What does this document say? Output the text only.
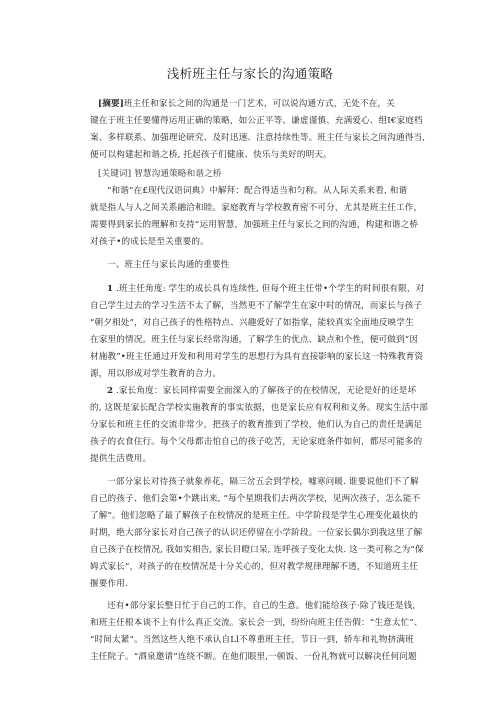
浅析班主任与家长的沟通策略
[摘要]班主任和家长之间的沟通是一门艺术，可以说沟通方式，无处不在，关
键在于班主任要懂得运用正确的策略，如公正平等、谦虚谨慎、充满爱心、组I€家庭档
案、多样联系、加强理论研究、及时迅速、注意持续性等。班主任与家长之间沟通得当,
便可以构建起和谐之桥, 托起孩子们健康、快乐与美好的明天。
[关键词] 智慧沟通策略和谐之桥
“和谐”在£现代汉语词典》中解拜：配合得适当和匀称。从人际关系来看, 和谐
就是指人与人之间关系融洽和睦。家庭教育与学校教育密不可分，尤其是班主任工作，
需要得到家长的理解和支持“运用智慧，加强班主任与家长之间的沟通，构建和谐之桥
对孩子•的成长是至关重要的。
一、班主任与家长沟通的重要性
1 .班主任角度: 学生的成长具有连续性, 但每个班主任带•个学生的时间很有限，对
自己学生过去的学习生活不太了解，当然更不了解学生在家中时的情况，而家长与孩子
“朝夕相处”，对自己孩子的性格特点、兴趣爱好了如指掌，能较真实全面地反映学生
在家里的情况。班主任与家长经常沟通，了解学生的优点、缺点和个性，便可做到“因
材施教”•班主任通过开发和利用对学生的思想行为具有直接影响的家长这一特殊教育资
源，用以形成对学生教育的合力。
2 .家长角度：家长同样需要全面深入的了解孩子的在校情况，无论是好的还是坏
的, 这既是家长配合学校实施教育的事实依据，也是家长应有权利和义务。现实生活中部
分家长和班主任的交流非常少，把孩子的教育推到了学校，他们认为自己的责任是满足
孩子的衣食住行。每个父母都击怕自己的孩子吃苦，无论家庭条件如何，都尽可能多的
提供生活费用。
一部分家长对待孩子就象养花，隔三岔五会到学校，嘘寒问暖. 谁要说他们不了解
自己的孩子、他们会第•个跳出来, “每个星期我们去两次学校，见两次孩子，怎么能不
了解”。他们忽略了最了解孩子在校情况的是班主任。中学阶段是学生心理变化最快的
时期，绝大部分家长对自己孩子的认识还停留在小学阶段。一位家长偶尔到我这里了解
自己孩子在校情况, 我如实相告, 家长目瞪口呆, 连呼孩子变化太快. 这一类可称之为“保
姆式家长”，对孩子的在校情况是十分关心的，但对教学规律理解不透，不知道班主任
揠要作用.
还有•部分家长整日忙于自己的工作，自己的生意。他们能给孩子·除了钱还是钱，
和班主任根本谈不上有什么真正交流。家长会一到，纷纷向班主任告假：“生意太忙”、
“时间太紧”。当然这些人绝不承认自Ll不尊重班主任，节日一到，轿车和礼物挤满班
主任院子。“酒泉邀请”连绕不断。在他们眼里,一顿饭、一份礼物就可以解决任何问题
